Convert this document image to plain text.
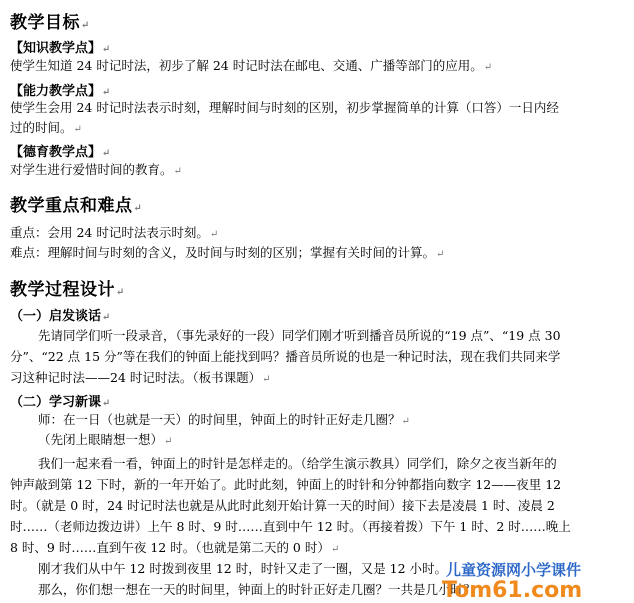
教学目标↵
【知识教学点】↵
使学生知道 24 时记时法，初步了解 24 时记时法在邮电、交通、广播等部门的应用。↵
【能力教学点】↵
使学生会用 24 时记时法表示时刻，理解时间与时刻的区别，初步掌握简单的计算（口答）一日内经
过的时间。↵
【德育教学点】↵
对学生进行爱惜时间的教育。↵
教学重点和难点↵
重点：会用 24 时记时法表示时刻。↵
难点：理解时间与时刻的含义，及时间与时刻的区别；掌握有关时间的计算。↵
教学过程设计↵
（一）启发谈话↵
先请同学们听一段录音，（事先录好的一段）同学们刚才听到播音员所说的“19 点”、“19 点 30
分”、“22 点 15 分”等在我们的钟面上能找到吗？播音员所说的也是一种记时法，现在我们共同来学
习这种记时法——24 时记时法。（板书课题）↵
（二）学习新课↵
师：在一日（也就是一天）的时间里，钟面上的时针正好走几圈？↵
（先闭上眼睛想一想）↵
我们一起来看一看，钟面上的时针是怎样走的。（给学生演示教具）同学们，除夕之夜当新年的
钟声敲到第 12 下时，新的一年开始了。此时此刻，钟面上的时针和分钟都指向数字 12——夜里 12
时。（就是 0 时，24 时记时法也就是从此时此刻开始计算一天的时间）接下去是凌晨 1 时、凌晨 2
时……（老师边拨边讲）上午 8 时、9 时……直到中午 12 时。（再接着拨）下午 1 时、2 时……晚上
8 时、9 时……直到午夜 12 时。（也就是第二天的 0 时）↵
刚才我们从中午 12 时拨到夜里 12 时，时针又走了一圈，又是 12 小时。
那么，你们想一想在一天的时间里，钟面上的时针正好走几圈？一共是几小时？
儿童资源网小学课件
Tom61.com
